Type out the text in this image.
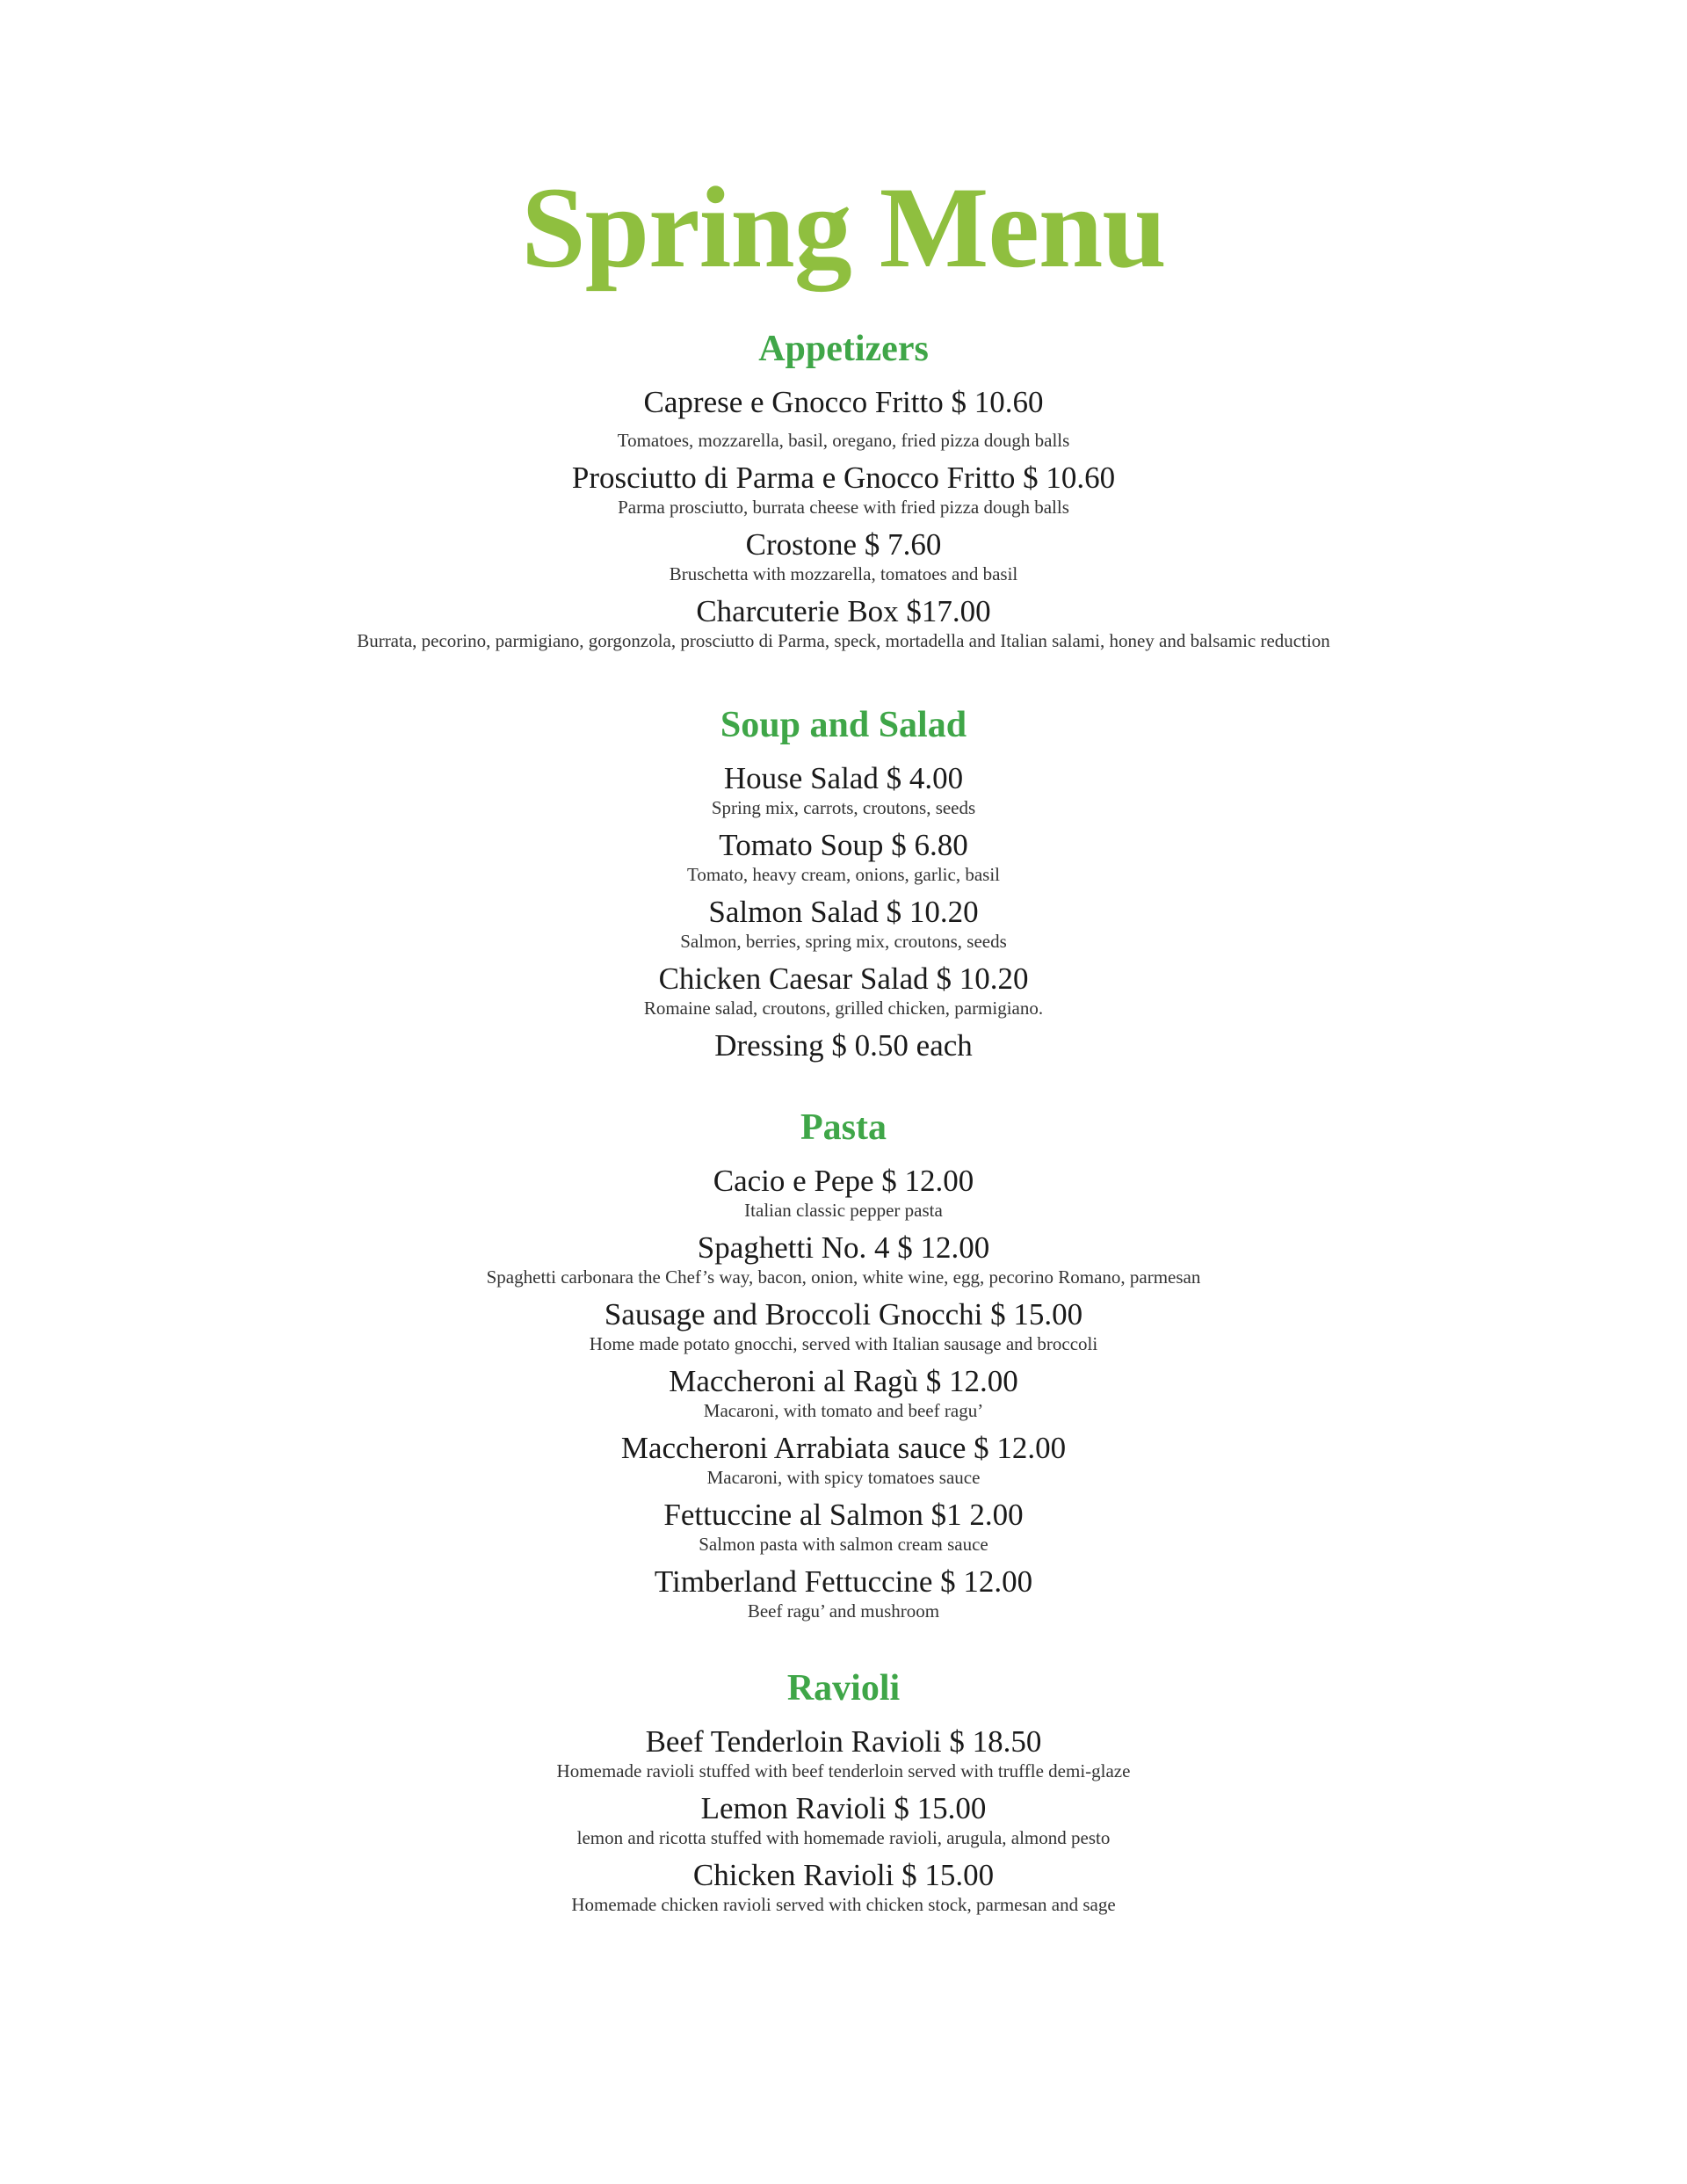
Spring Menu
Appetizers
Caprese e Gnocco Fritto $ 10.60
Tomatoes, mozzarella, basil, oregano, fried pizza dough balls
Prosciutto di Parma e Gnocco Fritto $ 10.60
Parma prosciutto, burrata cheese with fried pizza dough balls
Crostone $ 7.60
Bruschetta with mozzarella, tomatoes and basil
Charcuterie Box $17.00
Burrata, pecorino, parmigiano, gorgonzola, prosciutto di Parma, speck, mortadella and Italian salami, honey and balsamic reduction
Soup and Salad
House Salad $ 4.00
Spring mix, carrots, croutons, seeds
Tomato Soup $ 6.80
Tomato, heavy cream, onions, garlic, basil
Salmon Salad $ 10.20
Salmon, berries, spring mix, croutons, seeds
Chicken Caesar Salad $ 10.20
Romaine salad, croutons, grilled chicken, parmigiano.
Dressing $ 0.50 each
Pasta
Cacio e Pepe $ 12.00
Italian classic pepper pasta
Spaghetti No. 4 $ 12.00
Spaghetti carbonara the Chef’s way, bacon, onion, white wine, egg, pecorino Romano, parmesan
Sausage and Broccoli Gnocchi $ 15.00
Home made potato gnocchi, served with Italian sausage and broccoli
Maccheroni al Ragù $ 12.00
Macaroni, with tomato and beef ragu’
Maccheroni Arrabiata sauce $ 12.00
Macaroni, with spicy tomatoes sauce
Fettuccine al Salmon $1 2.00
Salmon pasta with salmon cream sauce
Timberland Fettuccine $ 12.00
Beef ragu’ and mushroom
Ravioli
Beef Tenderloin Ravioli $ 18.50
Homemade ravioli stuffed with beef tenderloin served with truffle demi-glaze
Lemon Ravioli $ 15.00
lemon and ricotta stuffed with homemade ravioli, arugula, almond pesto
Chicken Ravioli $ 15.00
Homemade chicken ravioli served with chicken stock, parmesan and sage
